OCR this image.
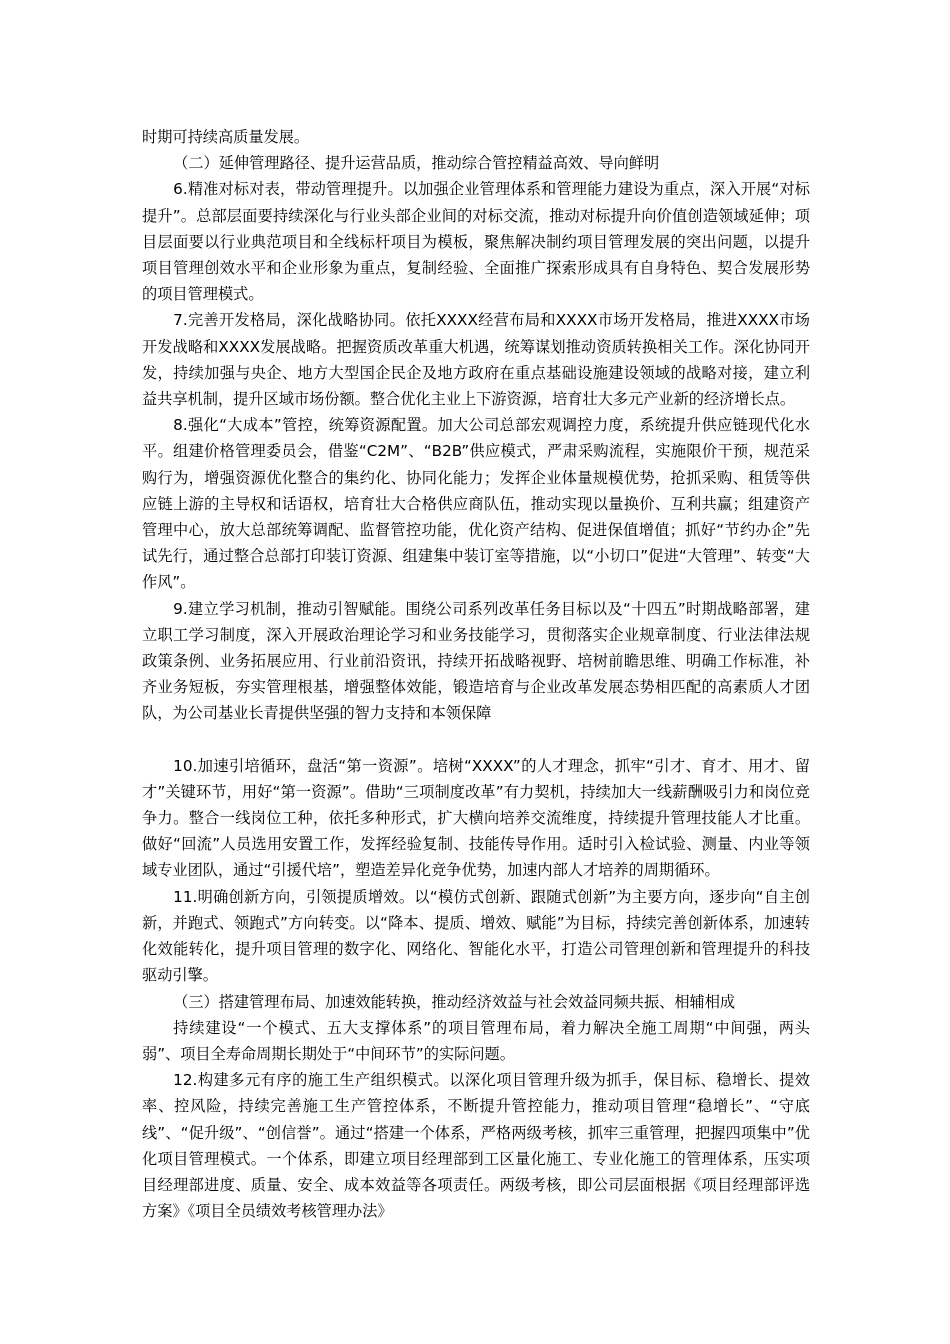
时期可持续高质量发展。

（二）延伸管理路径、提升运营品质，推动综合管控精益高效、导向鲜明

6.精准对标对表，带动管理提升。以加强企业管理体系和管理能力建设为重点，深入开展“对标提升”。总部层面要持续深化与行业头部企业间的对标交流，推动对标提升向价值创造领域延伸；项目层面要以行业典范项目和全线标杆项目为模板，聚焦解决制约项目管理发展的突出问题，以提升项目管理创效水平和企业形象为重点，复制经验、全面推广探索形成具有自身特色、契合发展形势的项目管理模式。

7.完善开发格局，深化战略协同。依托XXXX经营布局和XXXX市场开发格局，推进XXXX市场开发战略和XXXX发展战略。把握资质改革重大机遇，统筹谋划推动资质转换相关工作。深化协同开发，持续加强与央企、地方大型国企民企及地方政府在重点基础设施建设领域的战略对接，建立利益共享机制，提升区域市场份额。整合优化主业上下游资源，培育壮大多元产业新的经济增长点。

8.强化“大成本”管控，统筹资源配置。加大公司总部宏观调控力度，系统提升供应链现代化水平。组建价格管理委员会，借鉴“C2M”、“B2B”供应模式，严肃采购流程，实施限价干预，规范采购行为，增强资源优化整合的集约化、协同化能力；发挥企业体量规模优势，抢抓采购、租赁等供应链上游的主导权和话语权，培育壮大合格供应商队伍，推动实现以量换价、互利共赢；组建资产管理中心，放大总部统筹调配、监督管控功能，优化资产结构、促进保值增值；抓好“节约办企”先试先行，通过整合总部打印装订资源、组建集中装订室等措施，以“小切口”促进“大管理”、转变“大作风”。

9.建立学习机制，推动引智赋能。围绕公司系列改革任务目标以及“十四五”时期战略部署，建立职工学习制度，深入开展政治理论学习和业务技能学习，贯彻落实企业规章制度、行业法律法规政策条例、业务拓展应用、行业前沿资讯，持续开拓战略视野、培树前瞻思维、明确工作标准，补齐业务短板，夯实管理根基，增强整体效能，锻造培育与企业改革发展态势相匹配的高素质人才团队，为公司基业长青提供坚强的智力支持和本领保障

10.加速引培循环，盘活“第一资源”。培树“XXXX”的人才理念，抓牢“引才、育才、用才、留才”关键环节，用好“第一资源”。借助“三项制度改革”有力契机，持续加大一线薪酬吸引力和岗位竞争力。整合一线岗位工种，依托多种形式，扩大横向培养交流维度，持续提升管理技能人才比重。做好“回流”人员选用安置工作，发挥经验复制、技能传导作用。适时引入检试验、测量、内业等领域专业团队，通过“引援代培”，塑造差异化竞争优势，加速内部人才培养的周期循环。

11.明确创新方向，引领提质增效。以“模仿式创新、跟随式创新”为主要方向，逐步向“自主创新，并跑式、领跑式”方向转变。以“降本、提质、增效、赋能”为目标，持续完善创新体系，加速转化效能转化，提升项目管理的数字化、网络化、智能化水平，打造公司管理创新和管理提升的科技驱动引擎。

（三）搭建管理布局、加速效能转换，推动经济效益与社会效益同频共振、相辅相成

持续建设“一个模式、五大支撑体系”的项目管理布局，着力解决全施工周期“中间强，两头弱”、项目全寿命周期长期处于“中间环节”的实际问题。

12.构建多元有序的施工生产组织模式。以深化项目管理升级为抓手，保目标、稳增长、提效率、控风险，持续完善施工生产管控体系，不断提升管控能力，推动项目管理“稳增长”、“守底线”、“促升级”、“创信誉”。通过“搭建一个体系，严格两级考核，抓牢三重管理，把握四项集中”优化项目管理模式。一个体系，即建立项目经理部到工区量化施工、专业化施工的管理体系，压实项目经理部进度、质量、安全、成本效益等各项责任。两级考核，即公司层面根据《项目经理部评选方案》《项目全员绩效考核管理办法》
